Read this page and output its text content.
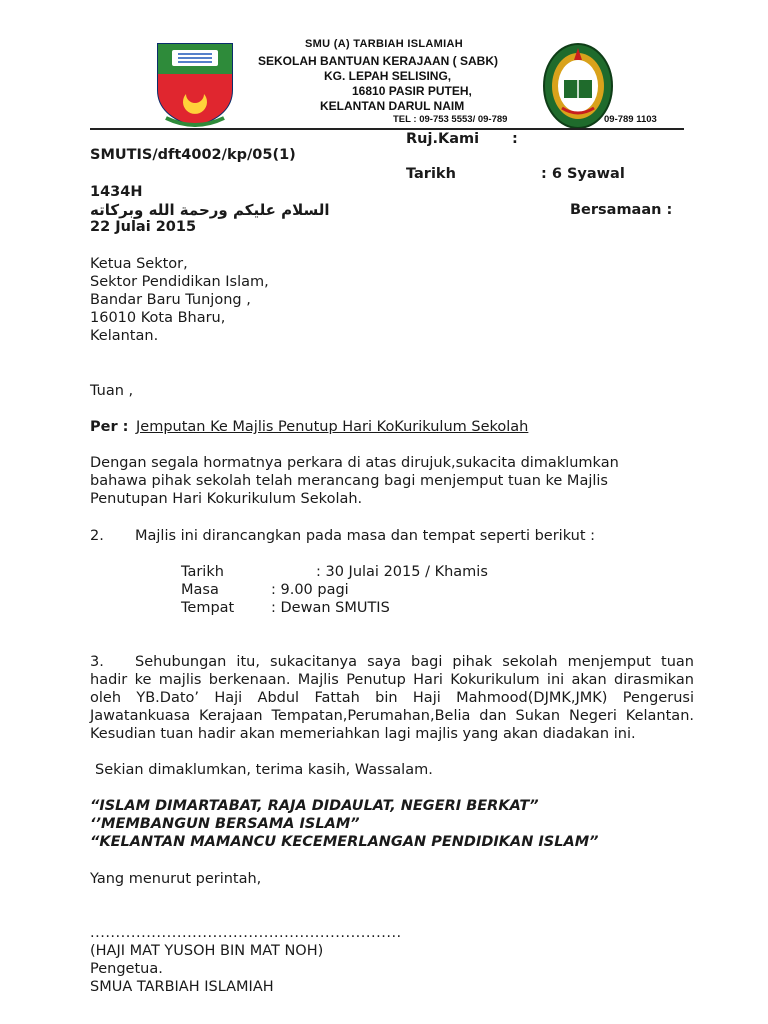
SMU (A) TARBIAH ISLAMIAH
SEKOLAH BANTUAN KERAJAAN ( SABK)
KG. LEPAH SELISING,
16810 PASIR PUTEH,
KELANTAN DARUL NAIM
TEL : 09-753 5553/ 09-789	09-789 1103
Ruj.Kami :
SMUTIS/dft4002/kp/05(1)
Tarikh	: 6 Syawal
1434H
السلام عليكم ورحمة الله وبركاته	Bersamaan :
22 Julai 2015
Ketua Sektor,
Sektor Pendidikan Islam,
Bandar Baru Tunjong ,
16010 Kota Bharu,
Kelantan.
Tuan ,
Per : Jemputan Ke Majlis Penutup Hari KoKurikulum Sekolah
Dengan segala hormatnya perkara di atas dirujuk,sukacita dimaklumkan
bahawa pihak sekolah telah merancang bagi menjemput tuan ke Majlis
Penutupan Hari Kokurikulum Sekolah.
2. Majlis ini dirancangkan pada masa dan tempat seperti berikut :
Tarikh	: 30 Julai 2015 / Khamis
Masa	: 9.00 pagi
Tempat	: Dewan SMUTIS
3. Sehubungan itu, sukacitanya saya bagi pihak sekolah menjemput tuan
hadir ke majlis berkenaan. Majlis Penutup Hari Kokurikulum ini akan dirasmikan
oleh YB.Dato’ Haji Abdul Fattah bin Haji Mahmood(DJMK,JMK) Pengerusi
Jawatankuasa Kerajaan Tempatan,Perumahan,Belia dan Sukan Negeri Kelantan.
Kesudian tuan hadir akan memeriahkan lagi majlis yang akan diadakan ini.
Sekian dimaklumkan, terima kasih, Wassalam.
“ISLAM DIMARTABAT, RAJA DIDAULAT, NEGERI BERKAT”
‘’MEMBANGUN BERSAMA ISLAM”
“KELANTAN MAMANCU KECEMERLANGAN PENDIDIKAN ISLAM”
Yang menurut perintah,
.............................................................
(HAJI MAT YUSOH BIN MAT NOH)
Pengetua.
SMUA TARBIAH ISLAMIAH
